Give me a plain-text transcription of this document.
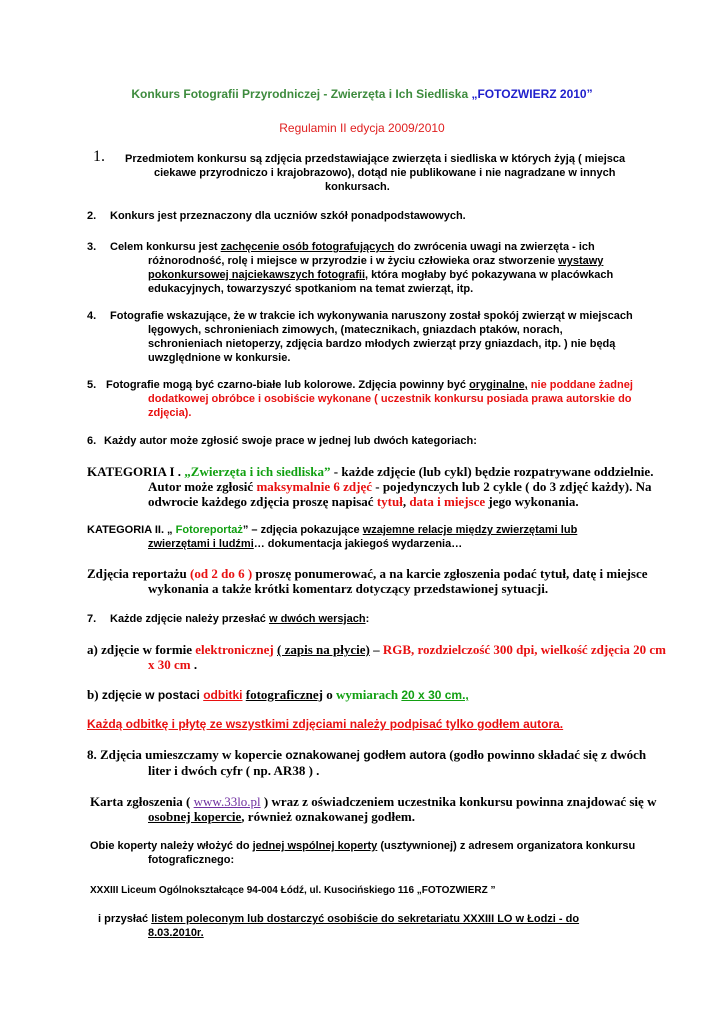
Konkurs Fotografii Przyrodniczej - Zwierzęta i Ich Siedliska „FOTOZWIERZ 2010”
Regulamin II edycja 2009/2010
1. Przedmiotem konkursu są zdjęcia przedstawiające zwierzęta i siedliska w których żyją ( miejsca
ciekawe przyrodniczo i krajobrazowo), dotąd nie publikowane i nie nagradzane w innych
konkursach.
2. Konkurs jest przeznaczony dla uczniów szkół ponadpodstawowych.
3. Celem konkursu jest zachęcenie osób fotografujących do zwrócenia uwagi na zwierzęta - ich
różnorodność, rolę i miejsce w przyrodzie i w życiu człowieka oraz stworzenie wystawy
pokonkursowej najciekawszych fotografii, która mogłaby być pokazywana w placówkach
edukacyjnych, towarzyszyć spotkaniom na temat zwierząt, itp.
4. Fotografie wskazujące, że w trakcie ich wykonywania naruszony został spokój zwierząt w miejscach
lęgowych, schronieniach zimowych, (matecznikach, gniazdach ptaków, norach,
schronieniach nietoperzy, zdjęcia bardzo młodych zwierząt przy gniazdach, itp. ) nie będą
uwzględnione w konkursie.
5. Fotografie mogą być czarno-białe lub kolorowe. Zdjęcia powinny być oryginalne, nie poddane żadnej
dodatkowej obróbce i osobiście wykonane ( uczestnik konkursu posiada prawa autorskie do
zdjęcia).
6. Każdy autor może zgłosić swoje prace w jednej lub dwóch kategoriach:
KATEGORIA I . „Zwierzęta i ich siedliska” - każde zdjęcie (lub cykl) będzie rozpatrywane oddzielnie.
Autor może zgłosić maksymalnie 6 zdjęć - pojedynczych lub 2 cykle ( do 3 zdjęć każdy). Na
odwrocie każdego zdjęcia proszę napisać tytuł, data i miejsce jego wykonania.
KATEGORIA II. „ Fotoreportaż” – zdjęcia pokazujące wzajemne relacje między zwierzętami lub
zwierzętami i ludźmi… dokumentacja jakiegoś wydarzenia…
Zdjęcia reportażu (od 2 do 6 ) proszę ponumerować, a na karcie zgłoszenia podać tytuł, datę i miejsce
wykonania a także krótki komentarz dotyczący przedstawionej sytuacji.
7. Każde zdjęcie należy przesłać w dwóch wersjach:
a) zdjęcie w formie elektronicznej ( zapis na płycie) – RGB, rozdzielczość 300 dpi, wielkość zdjęcia 20 cm
x 30 cm .
b) zdjęcie w postaci odbitki fotograficznej o wymiarach 20 x 30 cm.,
Każdą odbitkę i płytę ze wszystkimi zdjęciami należy podpisać tylko godłem autora.
8. Zdjęcia umieszczamy w kopercie oznakowanej godłem autora (godło powinno składać się z dwóch
liter i dwóch cyfr ( np. AR38 ) .
Karta zgłoszenia ( www.33lo.pl ) wraz z oświadczeniem uczestnika konkursu powinna znajdować się w
osobnej kopercie, również oznakowanej godłem.
Obie koperty należy włożyć do jednej wspólnej koperty (usztywnionej) z adresem organizatora konkursu
fotograficznego:
XXXIII Liceum Ogólnokształcące 94-004 Łódź, ul. Kusocińskiego 116 „FOTOZWIERZ ”
i przysłać listem poleconym lub dostarczyć osobiście do sekretariatu XXXIII LO w Łodzi - do
8.03.2010r.
